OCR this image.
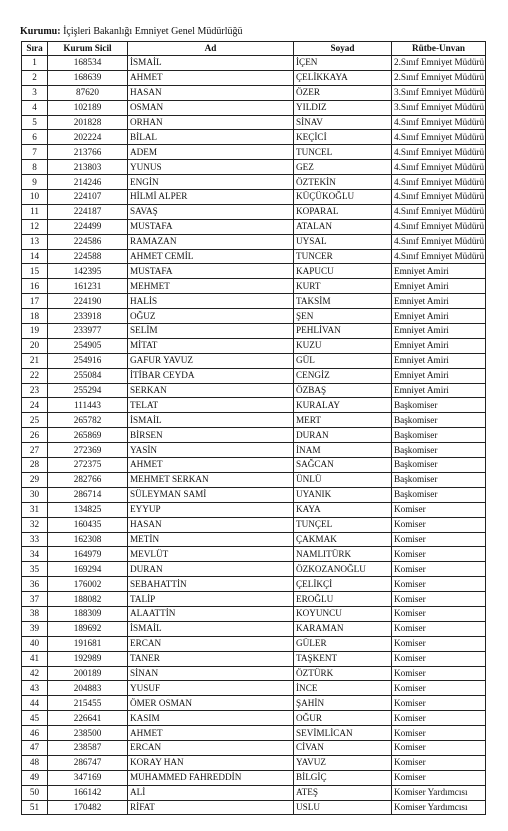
Kurumu: İçişleri Bakanlığı Emniyet Genel Müdürlüğü
Sıra	Kurum Sicil	Ad	Soyad	Rütbe-Unvan
1	168534	İSMAİL	İÇEN	2.Sınıf Emniyet Müdürü
2	168639	AHMET	ÇELİKKAYA	2.Sınıf Emniyet Müdürü
3	87620	HASAN	ÖZER	3.Sınıf Emniyet Müdürü
4	102189	OSMAN	YILDIZ	3.Sınıf Emniyet Müdürü
5	201828	ORHAN	SİNAV	4.Sınıf Emniyet Müdürü
6	202224	BİLAL	KEÇİCİ	4.Sınıf Emniyet Müdürü
7	213766	ADEM	TUNCEL	4.Sınıf Emniyet Müdürü
8	213803	YUNUS	GEZ	4.Sınıf Emniyet Müdürü
9	214246	ENGİN	ÖZTEKİN	4.Sınıf Emniyet Müdürü
10	224107	HİLMİ ALPER	KÜÇÜKOĞLU	4.Sınıf Emniyet Müdürü
11	224187	SAVAŞ	KOPARAL	4.Sınıf Emniyet Müdürü
12	224499	MUSTAFA	ATALAN	4.Sınıf Emniyet Müdürü
13	224586	RAMAZAN	UYSAL	4.Sınıf Emniyet Müdürü
14	224588	AHMET CEMİL	TUNCER	4.Sınıf Emniyet Müdürü
15	142395	MUSTAFA	KAPUCU	Emniyet Amiri
16	161231	MEHMET	KURT	Emniyet Amiri
17	224190	HALİS	TAKSİM	Emniyet Amiri
18	233918	OĞUZ	ŞEN	Emniyet Amiri
19	233977	SELİM	PEHLİVAN	Emniyet Amiri
20	254905	MİTAT	KUZU	Emniyet Amiri
21	254916	GAFUR YAVUZ	GÜL	Emniyet Amiri
22	255084	İTİBAR CEYDA	CENGİZ	Emniyet Amiri
23	255294	SERKAN	ÖZBAŞ	Emniyet Amiri
24	111443	TELAT	KURALAY	Başkomiser
25	265782	İSMAİL	MERT	Başkomiser
26	265869	BİRSEN	DURAN	Başkomiser
27	272369	YASİN	İNAM	Başkomiser
28	272375	AHMET	SAĞCAN	Başkomiser
29	282766	MEHMET SERKAN	ÜNLÜ	Başkomiser
30	286714	SÜLEYMAN SAMİ	UYANIK	Başkomiser
31	134825	EYYUP	KAYA	Komiser
32	160435	HASAN	TUNÇEL	Komiser
33	162308	METİN	ÇAKMAK	Komiser
34	164979	MEVLÜT	NAMLITÜRK	Komiser
35	169294	DURAN	ÖZKOZANOĞLU	Komiser
36	176002	SEBAHATTİN	ÇELİKÇİ	Komiser
37	188082	TALİP	EROĞLU	Komiser
38	188309	ALAATTİN	KOYUNCU	Komiser
39	189692	İSMAİL	KARAMAN	Komiser
40	191681	ERCAN	GÜLER	Komiser
41	192989	TANER	TAŞKENT	Komiser
42	200189	SİNAN	ÖZTÜRK	Komiser
43	204883	YUSUF	İNCE	Komiser
44	215455	ÖMER OSMAN	ŞAHİN	Komiser
45	226641	KASIM	OĞUR	Komiser
46	238500	AHMET	SEVİMLİCAN	Komiser
47	238587	ERCAN	CİVAN	Komiser
48	286747	KORAY HAN	YAVUZ	Komiser
49	347169	MUHAMMED FAHREDDİN	BİLGİÇ	Komiser
50	166142	ALİ	ATEŞ	Komiser Yardımcısı
51	170482	RİFAT	USLU	Komiser Yardımcısı
